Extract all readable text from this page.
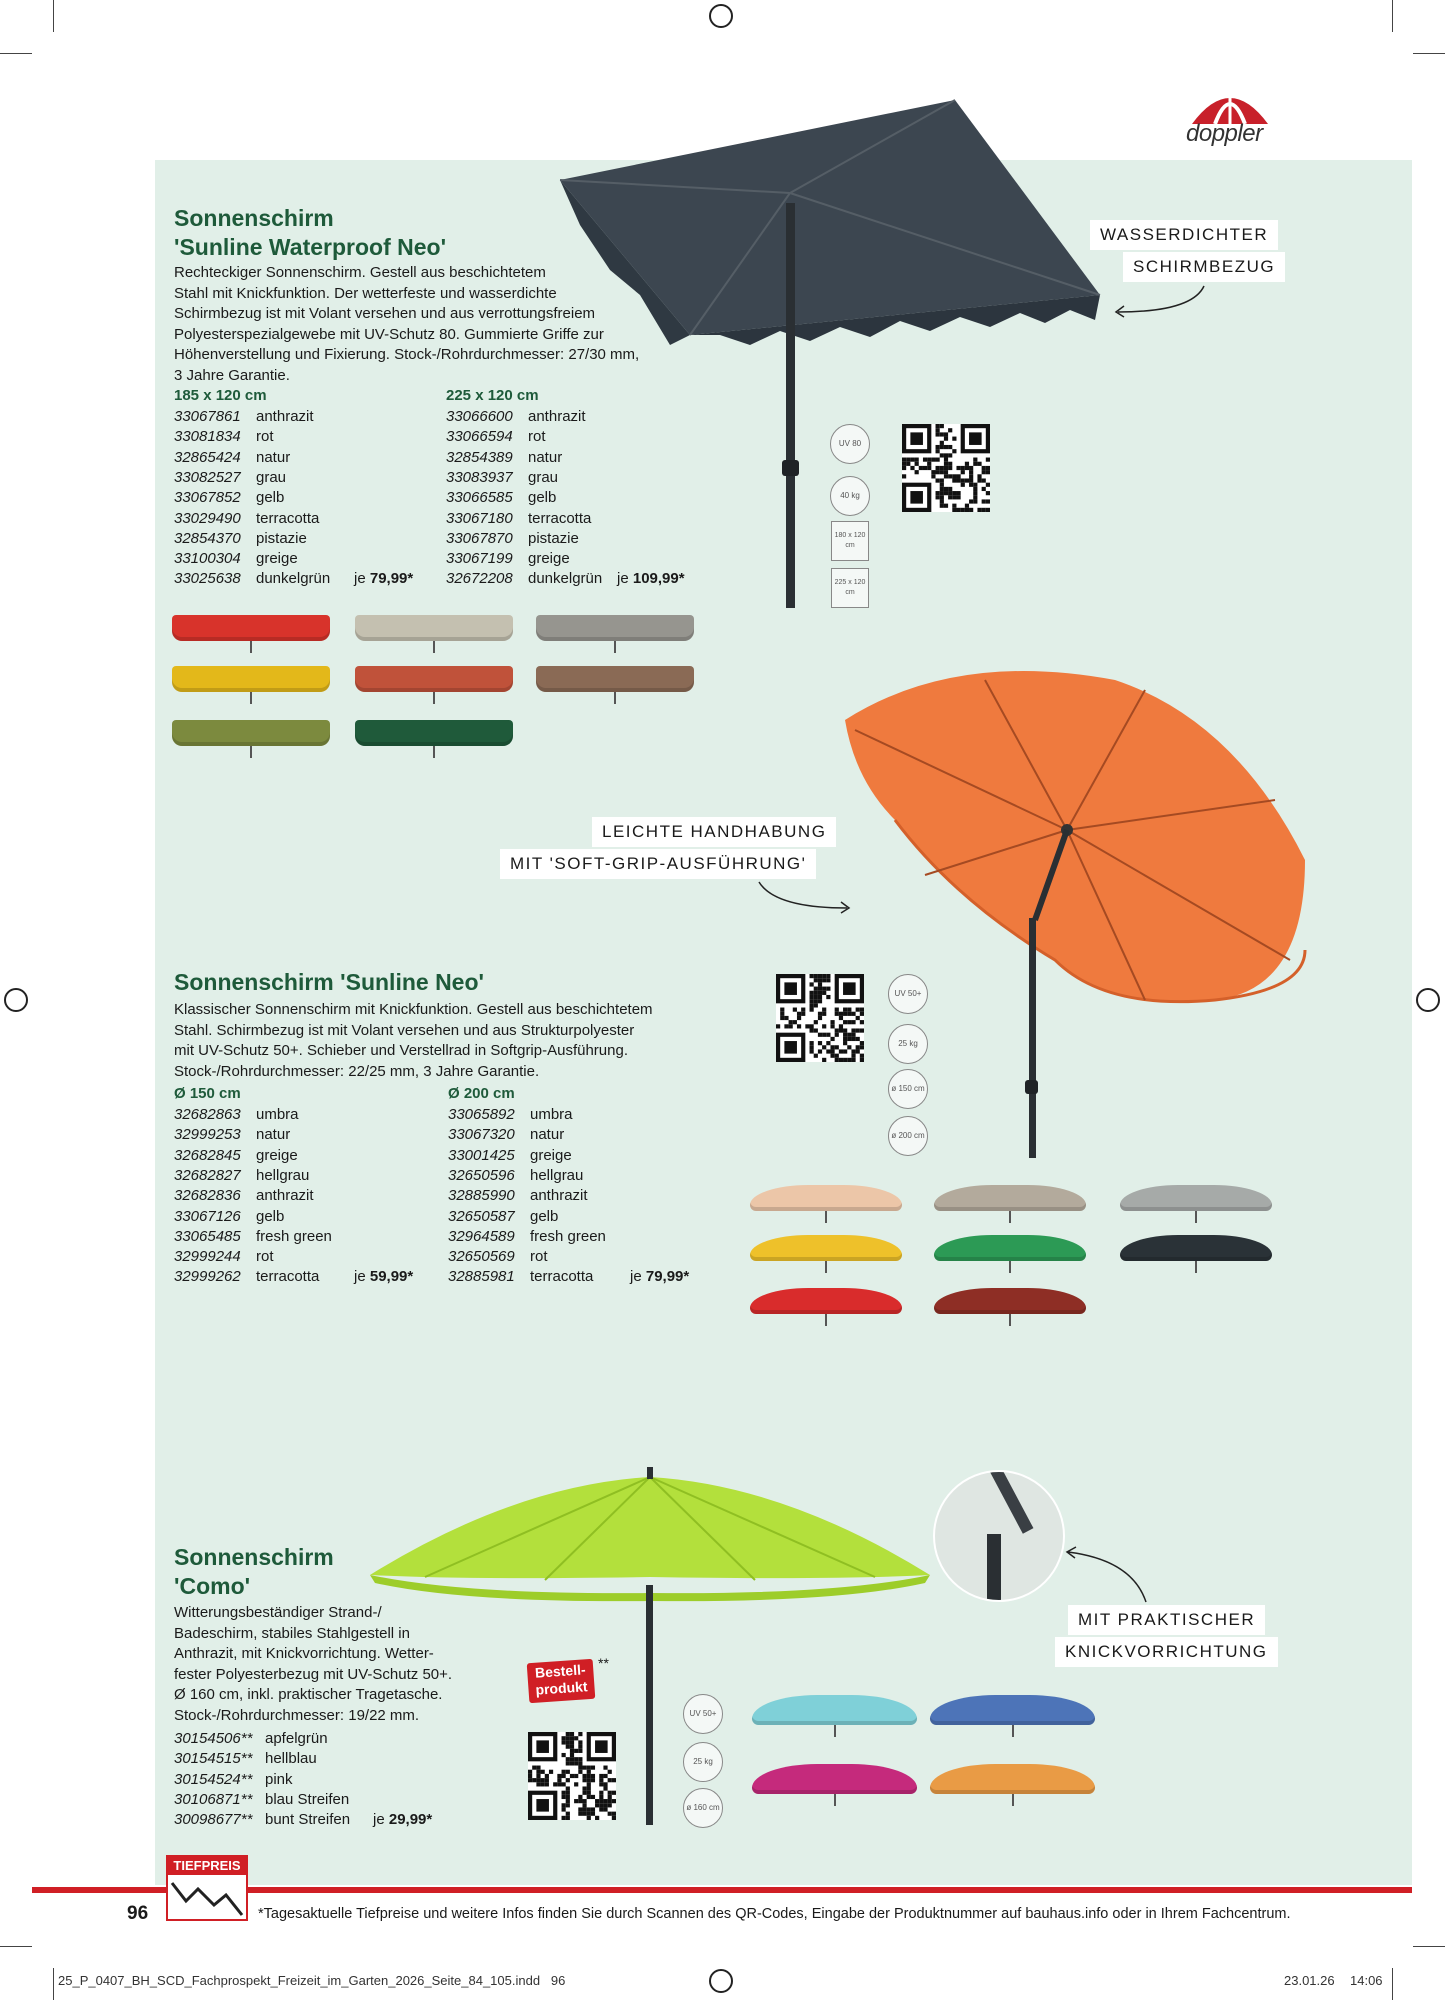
doppler
Sonnenschirm
'Sunline Waterproof Neo'
Rechteckiger Sonnenschirm. Gestell aus beschichtetem
Stahl mit Knickfunktion. Der wetterfeste und wasserdichte
Schirmbezug ist mit Volant versehen und aus verrottungsfreiem
Polyesterspezialgewebe mit UV-Schutz 80. Gummierte Griffe zur
Höhenverstellung und Fixierung. Stock-/Rohrdurchmesser: 27/30 mm,
3 Jahre Garantie.
185 x 120 cm	225 x 120 cm
33067861 anthrazit	33066600 anthrazit
33081834 rot	33066594 rot
32865424 natur	32854389 natur
33082527 grau	33083937 grau
33067852 gelb	33066585 gelb
33029490 terracotta	33067180 terracotta
32854370 pistazie	33067870 pistazie
33100304 greige	33067199 greige
33025638 dunkelgrün	32672208 dunkelgrün
je 79,99*	je 109,99*
WASSERDICHTER
SCHIRMBEZUG
UV 80
40 kg
180 x 120 cm
225 x 120 cm
LEICHTE HANDHABUNG
MIT 'SOFT-GRIP-AUSFÜHRUNG'
Sonnenschirm 'Sunline Neo'
Klassischer Sonnenschirm mit Knickfunktion. Gestell aus beschichtetem
Stahl. Schirmbezug ist mit Volant versehen und aus Strukturpolyester
mit UV-Schutz 50+. Schieber und Verstellrad in Softgrip-Ausführung.
Stock-/Rohrdurchmesser: 22/25 mm, 3 Jahre Garantie.
Ø 150 cm	Ø 200 cm
32682863 umbra	33065892 umbra
32999253 natur	33067320 natur
32682845 greige	33001425 greige
32682827 hellgrau	32650596 hellgrau
32682836 anthrazit	32885990 anthrazit
33067126 gelb	32650587 gelb
33065485 fresh green	32964589 fresh green
32999244 rot	32650569 rot
32999262 terracotta	32885981 terracotta
je 59,99*	je 79,99*
UV 50+
25 kg
ø 150 cm
ø 200 cm
Sonnenschirm
'Como'
Witterungsbeständiger Strand-/
Badeschirm, stabiles Stahlgestell in
Anthrazit, mit Knickvorrichtung. Wetter-
fester Polyesterbezug mit UV-Schutz 50+.
Ø 160 cm, inkl. praktischer Tragetasche.
Stock-/Rohrdurchmesser: 19/22 mm.
30154506** apfelgrün
30154515** hellblau
30154524** pink
30106871** blau Streifen
30098677** bunt Streifen je 29,99*
Bestell-
produkt
**
UV 50+
25 kg
ø 160 cm
MIT PRAKTISCHER
KNICKVORRICHTUNG
TIEFPREIS
96	*Tagesaktuelle Tiefpreise und weitere Infos finden Sie durch Scannen des QR-Codes, Eingabe der Produktnummer auf bauhaus.info oder in Ihrem Fachcentrum.
25_P_0407_BH_SCD_Fachprospekt_Freizeit_im_Garten_2026_Seite_84_105.indd   96	23.01.26 14:06
